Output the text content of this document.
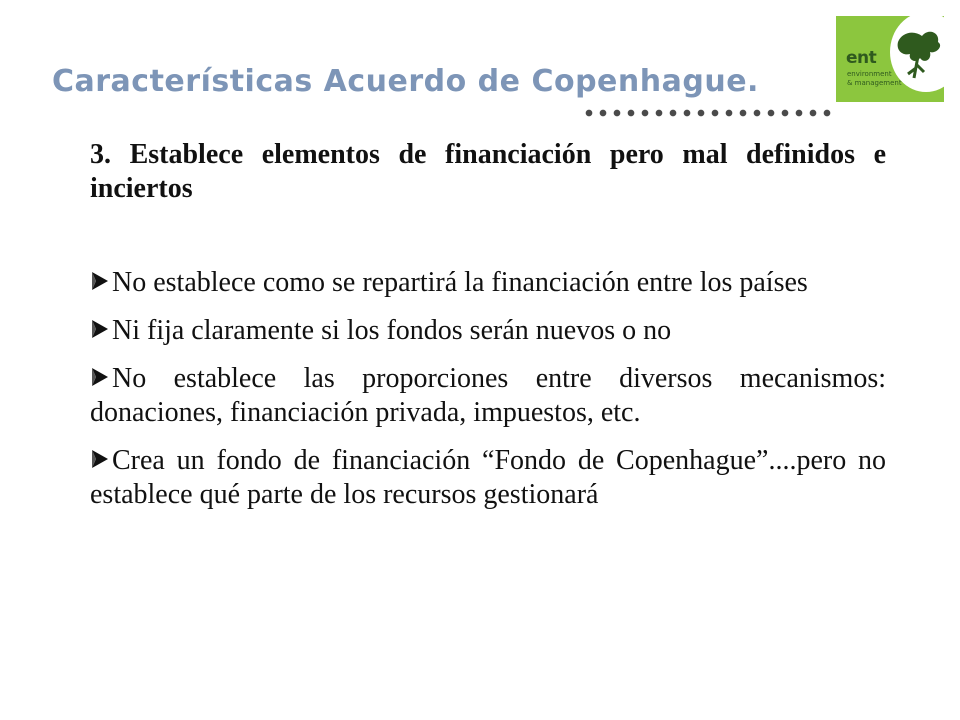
Características Acuerdo de Copenhague.
ent
environment
& management

3. Establece elementos de financiación pero mal definidos e inciertos

No establece como se repartirá la financiación entre los países
Ni fija claramente si los fondos serán nuevos o no
No establece las proporciones entre diversos mecanismos: donaciones, financiación privada, impuestos, etc.
Crea un fondo de financiación “Fondo de Copenhague”....pero no establece qué parte de los recursos gestionará
